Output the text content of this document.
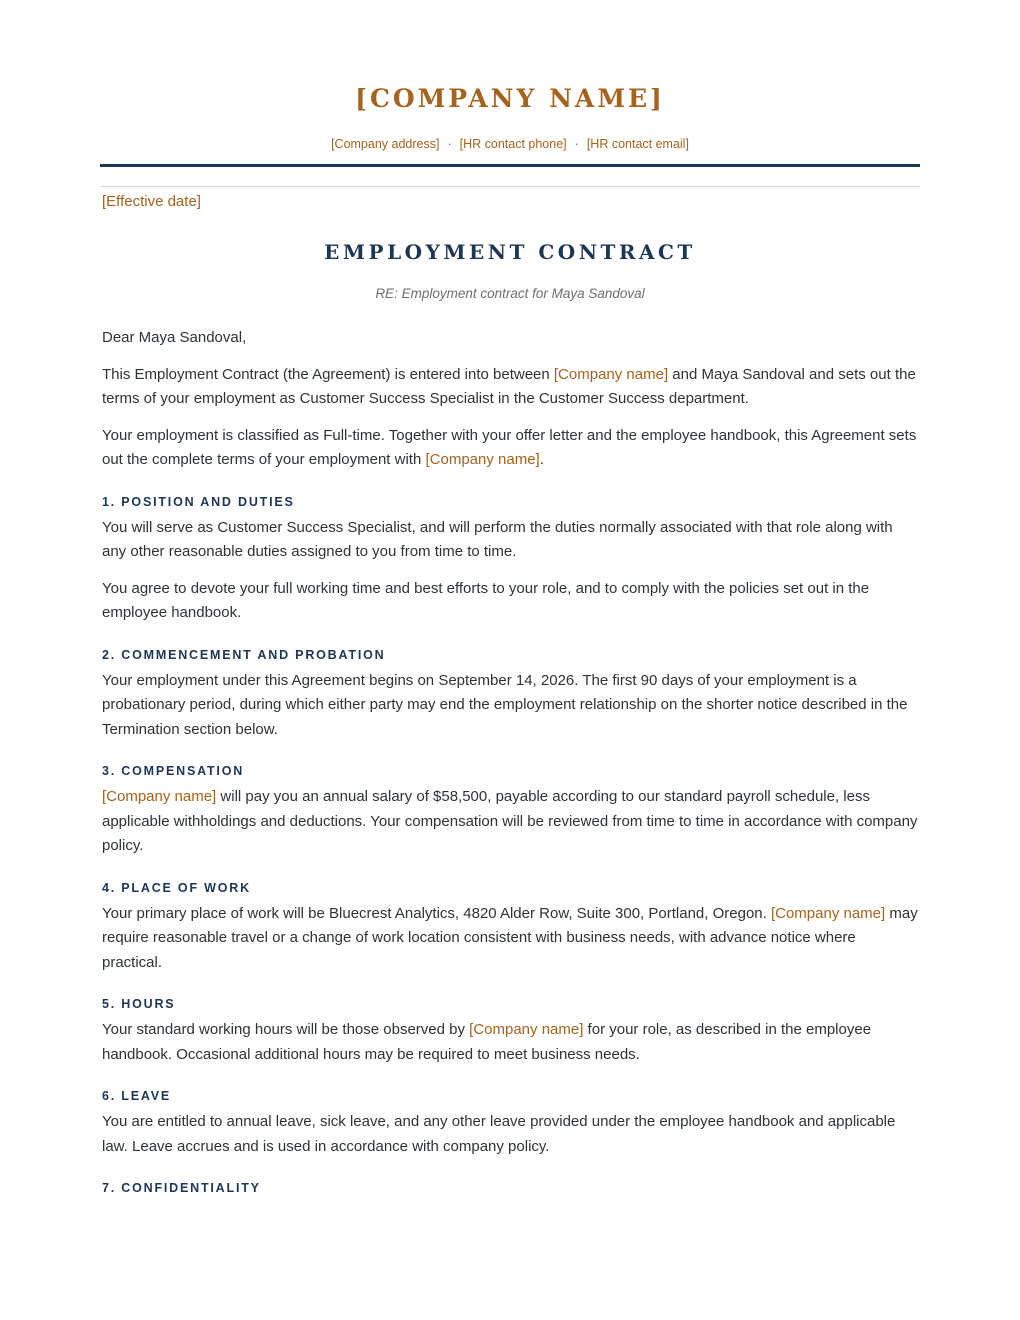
[COMPANY NAME]
[Company address] · [HR contact phone] · [HR contact email]
[Effective date]
EMPLOYMENT CONTRACT
RE: Employment contract for Maya Sandoval

Dear Maya Sandoval,

This Employment Contract (the Agreement) is entered into between [Company name] and Maya Sandoval and sets out the terms of your employment as Customer Success Specialist in the Customer Success department.

Your employment is classified as Full-time. Together with your offer letter and the employee handbook, this Agreement sets out the complete terms of your employment with [Company name].

1. POSITION AND DUTIES

You will serve as Customer Success Specialist, and will perform the duties normally associated with that role along with any other reasonable duties assigned to you from time to time.

You agree to devote your full working time and best efforts to your role, and to comply with the policies set out in the employee handbook.

2. COMMENCEMENT AND PROBATION

Your employment under this Agreement begins on September 14, 2026. The first 90 days of your employment is a probationary period, during which either party may end the employment relationship on the shorter notice described in the Termination section below.

3. COMPENSATION

[Company name] will pay you an annual salary of $58,500, payable according to our standard payroll schedule, less applicable withholdings and deductions. Your compensation will be reviewed from time to time in accordance with company policy.

4. PLACE OF WORK

Your primary place of work will be Bluecrest Analytics, 4820 Alder Row, Suite 300, Portland, Oregon. [Company name] may require reasonable travel or a change of work location consistent with business needs, with advance notice where practical.

5. HOURS

Your standard working hours will be those observed by [Company name] for your role, as described in the employee handbook. Occasional additional hours may be required to meet business needs.

6. LEAVE

You are entitled to annual leave, sick leave, and any other leave provided under the employee handbook and applicable law. Leave accrues and is used in accordance with company policy.

7. CONFIDENTIALITY
